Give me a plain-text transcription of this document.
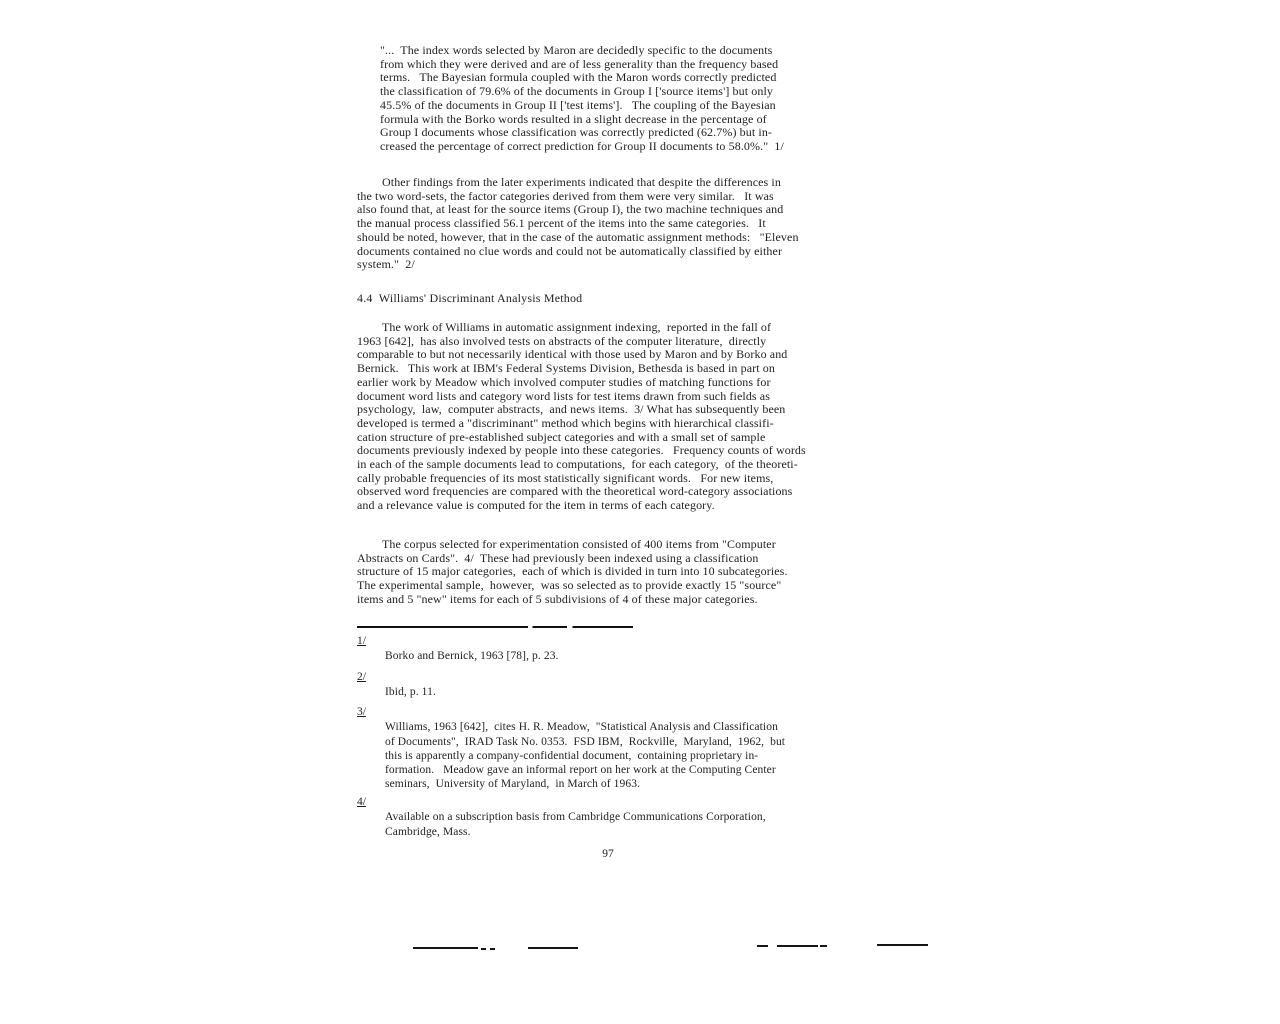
"...  The index words selected by Maron are decidedly specific to the documents
from which they were derived and are of less generality than the frequency based
terms.   The Bayesian formula coupled with the Maron words correctly predicted
the classification of 79.6% of the documents in Group I ['source items'] but only
45.5% of the documents in Group II ['test items'].   The coupling of the Bayesian
formula with the Borko words resulted in a slight decrease in the percentage of
Group I documents whose classification was correctly predicted (62.7%) but in-
creased the percentage of correct prediction for Group II documents to 58.0%."  1/
Other findings from the later experiments indicated that despite the differences in
the two word-sets, the factor categories derived from them were very similar.   It was
also found that, at least for the source items (Group I), the two machine techniques and
the manual process classified 56.1 percent of the items into the same categories.   It
should be noted, however, that in the case of the automatic assignment methods:   "Eleven
documents contained no clue words and could not be automatically classified by either
system."  2/
4.4  Williams' Discriminant Analysis Method
The work of Williams in automatic assignment indexing,  reported in the fall of
1963 [642],  has also involved tests on abstracts of the computer literature,  directly
comparable to but not necessarily identical with those used by Maron and by Borko and
Bernick.   This work at IBM's Federal Systems Division, Bethesda is based in part on
earlier work by Meadow which involved computer studies of matching functions for
document word lists and category word lists for test items drawn from such fields as
psychology,  law,  computer abstracts,  and news items.  3/ What has subsequently been
developed is termed a "discriminant" method which begins with hierarchical classifi-
cation structure of pre-established subject categories and with a small set of sample
documents previously indexed by people into these categories.   Frequency counts of words
in each of the sample documents lead to computations,  for each category,  of the theoreti-
cally probable frequencies of its most statistically significant words.   For new items,
observed word frequencies are compared with the theoretical word-category associations
and a relevance value is computed for the item in terms of each category.
The corpus selected for experimentation consisted of 400 items from "Computer
Abstracts on Cards".  4/  These had previously been indexed using a classification
structure of 15 major categories,  each of which is divided in turn into 10 subcategories.
The experimental sample,  however,  was so selected as to provide exactly 15 "source"
items and 5 "new" items for each of 5 subdivisions of 4 of these major categories.
1/
Borko and Bernick, 1963 [78], p. 23.
2/
Ibid, p. 11.
3/
Williams, 1963 [642],  cites H. R. Meadow,  "Statistical Analysis and Classification
of Documents",  IRAD Task No. 0353.  FSD IBM,  Rockville,  Maryland,  1962,  but
this is apparently a company-confidential document,  containing proprietary in-
formation.   Meadow gave an informal report on her work at the Computing Center
seminars,  University of Maryland,  in March of 1963.
4/
Available on a subscription basis from Cambridge Communications Corporation,
Cambridge, Mass.
97
